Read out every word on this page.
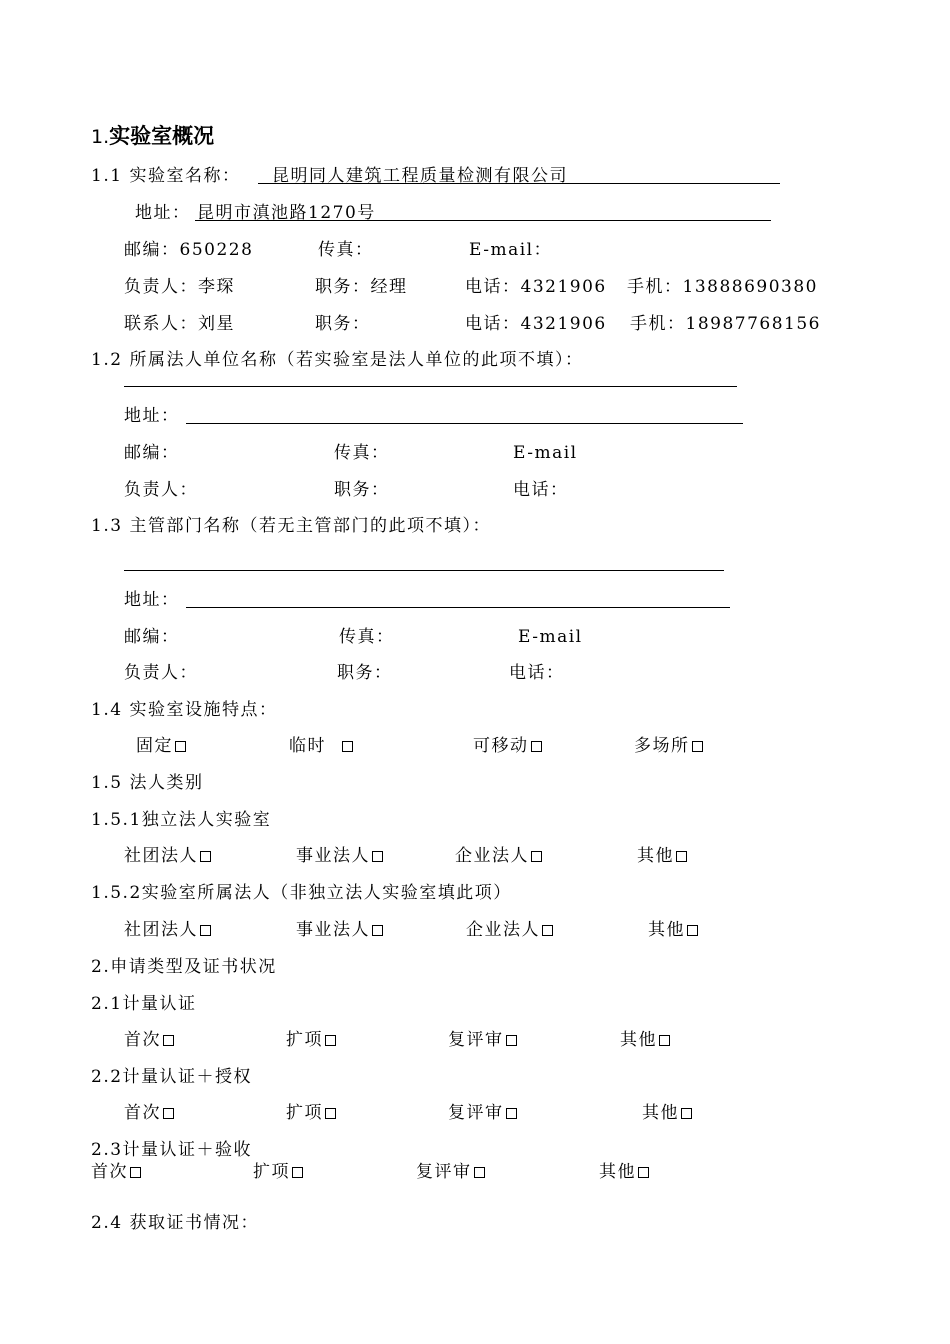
1.实验室概况
1.1 实验室名称： 昆明同人建筑工程质量检测有限公司
地址： 昆明市滇池路1270号
邮编：650228	传真：	E-mail：
负责人：李琛	职务：经理	电话：4321906 手机：13888690380
联系人：刘星	职务：	电话：4321906 手机：18987768156
1.2 所属法人单位名称（若实验室是法人单位的此项不填）：
地址：
邮编：	传真：	E-mail
负责人：	职务：	电话：
1.3 主管部门名称（若无主管部门的此项不填）：
地址：
邮编：	传真：	E-mail
负责人：	职务：	电话：
1.4 实验室设施特点：
固定	临时	可移动	多场所
1.5 法人类别
1.5.1独立法人实验室
社团法人	事业法人	企业法人	其他
1.5.2实验室所属法人（非独立法人实验室填此项）
社团法人	事业法人	企业法人	其他
2.申请类型及证书状况
2.1计量认证
首次	扩项	复评审	其他
2.2计量认证＋授权
首次	扩项	复评审	其他
2.3计量认证＋验收
首次	扩项	复评审	其他
2.4 获取证书情况：
